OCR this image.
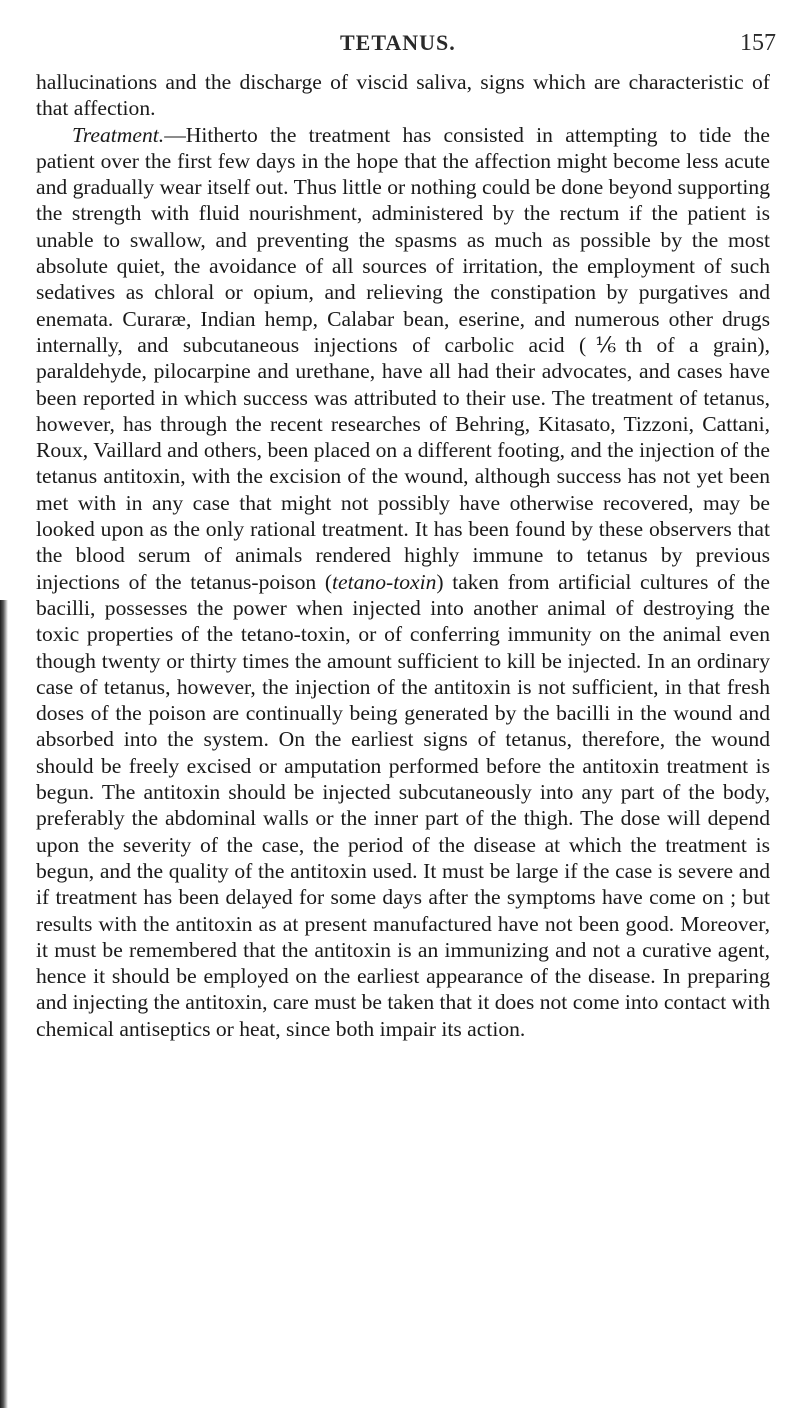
TETANUS.	157

hallucinations and the discharge of viscid saliva, signs which are characteristic of that affection.

Treatment.—Hitherto the treatment has consisted in attempting to tide the patient over the first few days in the hope that the affection might become less acute and gradually wear itself out. Thus little or nothing could be done beyond supporting the strength with fluid nourishment, administered by the rectum if the patient is unable to swallow, and preventing the spasms as much as possible by the most absolute quiet, the avoidance of all sources of irritation, the employment of such sedatives as chloral or opium, and relieving the constipation by purgatives and enemata. Curaræ, Indian hemp, Calabar bean, eserine, and numerous other drugs internally, and subcutaneous injections of carbolic acid (⅙th of a grain), paraldehyde, pilocarpine and urethane, have all had their advocates, and cases have been reported in which success was attributed to their use. The treatment of tetanus, however, has through the recent researches of Behring, Kitasato, Tizzoni, Cattani, Roux, Vaillard and others, been placed on a different footing, and the injection of the tetanus antitoxin, with the excision of the wound, although success has not yet been met with in any case that might not possibly have otherwise recovered, may be looked upon as the only rational treatment. It has been found by these observers that the blood serum of animals rendered highly immune to tetanus by previous injections of the tetanus-poison (tetano-toxin) taken from artificial cultures of the bacilli, possesses the power when injected into another animal of destroying the toxic properties of the tetano-toxin, or of conferring immunity on the animal even though twenty or thirty times the amount sufficient to kill be injected. In an ordinary case of tetanus, however, the injection of the antitoxin is not sufficient, in that fresh doses of the poison are continually being generated by the bacilli in the wound and absorbed into the system. On the earliest signs of tetanus, therefore, the wound should be freely excised or amputation performed before the antitoxin treatment is begun. The antitoxin should be injected subcutaneously into any part of the body, preferably the abdominal walls or the inner part of the thigh. The dose will depend upon the severity of the case, the period of the disease at which the treatment is begun, and the quality of the antitoxin used. It must be large if the case is severe and if treatment has been delayed for some days after the symptoms have come on ; but results with the antitoxin as at present manufactured have not been good. Moreover, it must be remembered that the antitoxin is an immunizing and not a curative agent, hence it should be employed on the earliest appearance of the disease. In preparing and injecting the antitoxin, care must be taken that it does not come into contact with chemical antiseptics or heat, since both impair its action.
